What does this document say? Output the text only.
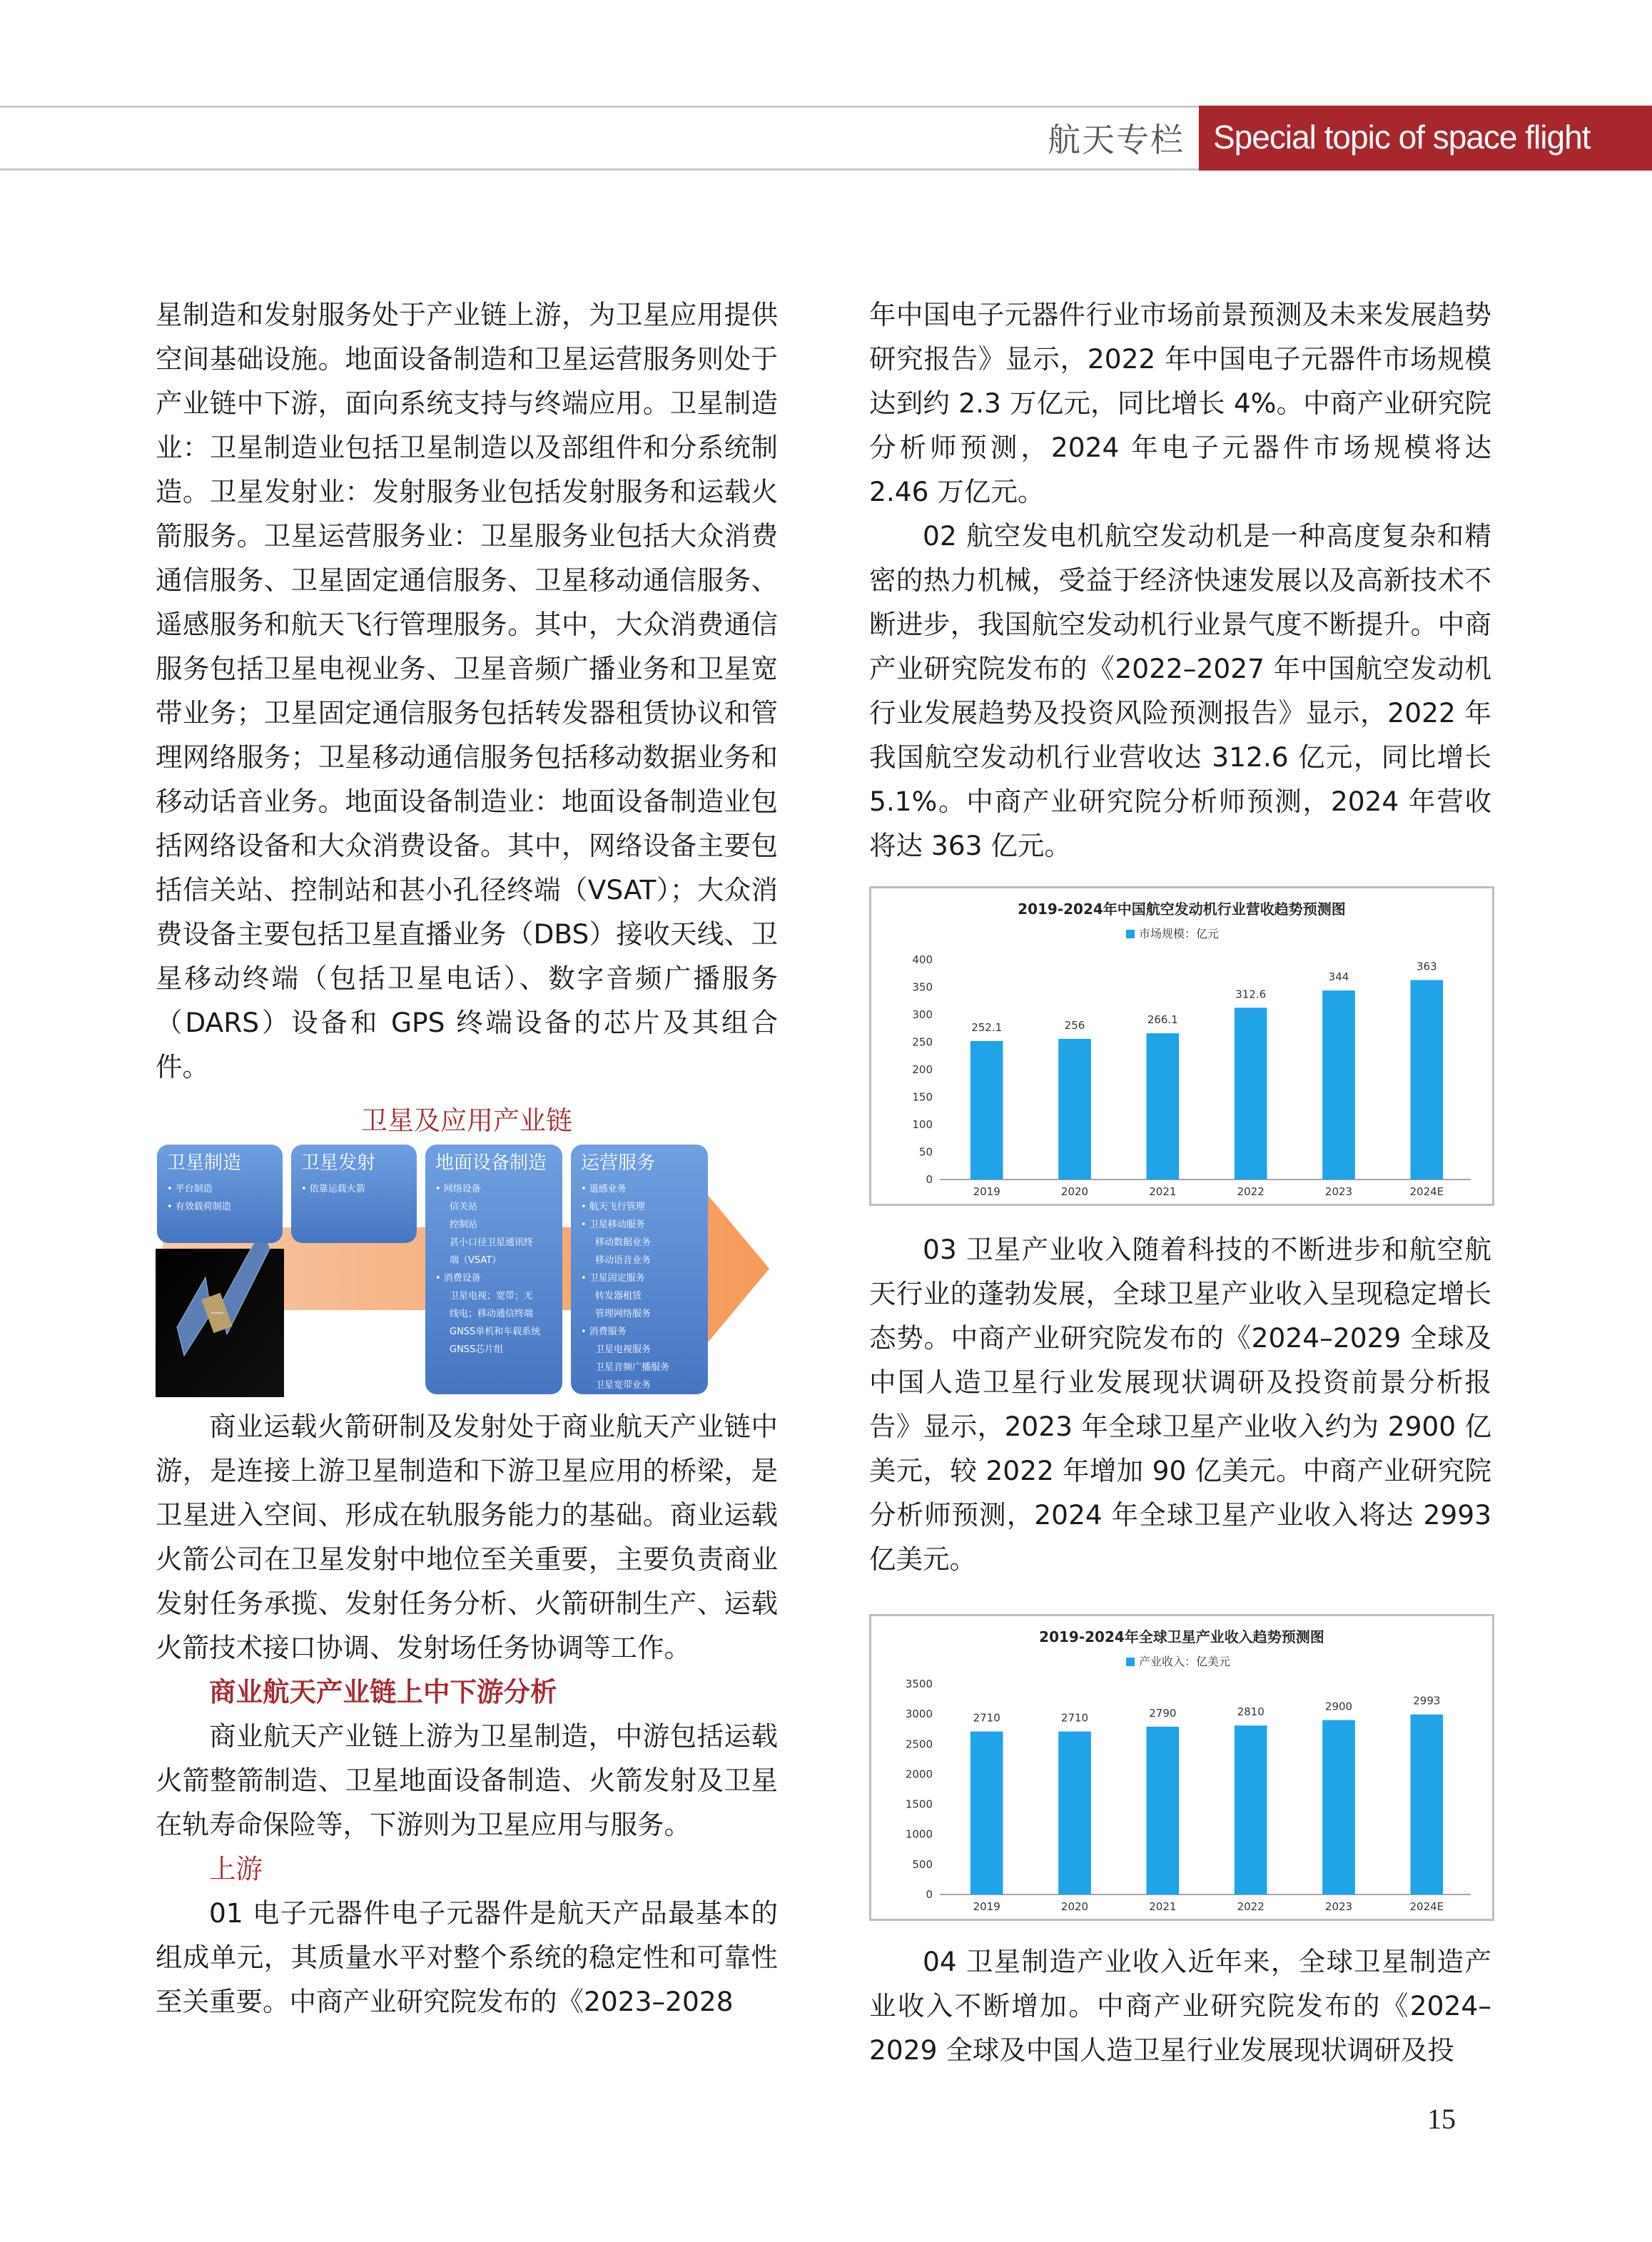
航天专栏 Special topic of space flight

星制造和发射服务处于产业链上游，为卫星应用提供空间基础设施。地面设备制造和卫星运营服务则处于产业链中下游，面向系统支持与终端应用。卫星制造业：卫星制造业包括卫星制造以及部组件和分系统制造。卫星发射业：发射服务业包括发射服务和运载火箭服务。卫星运营服务业：卫星服务业包括大众消费通信服务、卫星固定通信服务、卫星移动通信服务、遥感服务和航天飞行管理服务。其中，大众消费通信服务包括卫星电视业务、卫星音频广播业务和卫星宽带业务；卫星固定通信服务包括转发器租赁协议和管理网络服务；卫星移动通信服务包括移动数据业务和移动话音业务。地面设备制造业：地面设备制造业包括网络设备和大众消费设备。其中，网络设备主要包括信关站、控制站和甚小孔径终端（VSAT）；大众消费设备主要包括卫星直播业务（DBS）接收天线、卫星移动终端（包括卫星电话）、数字音频广播服务（DARS）设备和 GPS 终端设备的芯片及其组合件。

卫星及应用产业链
卫星制造
• 平台制造
• 有效载荷制造
卫星发射
• 依靠运载火箭
地面设备制造
• 网络设备
信关站
控制站
甚小口径卫星通讯终
端（VSAT）
• 消费设备
卫星电视；宽带；无
线电；移动通信终端
GNSS单机和车载系统
GNSS芯片组
运营服务
• 遥感业务
• 航天飞行管理
• 卫星移动服务
移动数据业务
移动语音业务
• 卫星固定服务
转发器租赁
管理网络服务
• 消费服务
卫星电视服务
卫星音频广播服务
卫星宽带业务

商业运载火箭研制及发射处于商业航天产业链中游，是连接上游卫星制造和下游卫星应用的桥梁，是卫星进入空间、形成在轨服务能力的基础。商业运载火箭公司在卫星发射中地位至关重要，主要负责商业发射任务承揽、发射任务分析、火箭研制生产、运载火箭技术接口协调、发射场任务协调等工作。

商业航天产业链上中下游分析

商业航天产业链上游为卫星制造，中游包括运载火箭整箭制造、卫星地面设备制造、火箭发射及卫星在轨寿命保险等，下游则为卫星应用与服务。

上游

01 电子元器件电子元器件是航天产品最基本的组成单元，其质量水平对整个系统的稳定性和可靠性至关重要。中商产业研究院发布的《2023–2028

年中国电子元器件行业市场前景预测及未来发展趋势研究报告》显示，2022 年中国电子元器件市场规模达到约 2.3 万亿元，同比增长 4%。中商产业研究院分析师预测，2024 年电子元器件市场规模将达 2.46 万亿元。

02 航空发电机航空发动机是一种高度复杂和精密的热力机械，受益于经济快速发展以及高新技术不断进步，我国航空发动机行业景气度不断提升。中商产业研究院发布的《2022–2027 年中国航空发动机行业发展趋势及投资风险预测报告》显示，2022 年我国航空发动机行业营收达 312.6 亿元，同比增长 5.1%。中商产业研究院分析师预测，2024 年营收将达 363 亿元。

2019-2024年中国航空发动机行业营收趋势预测图
市场规模：亿元
0
50
100
150
200
250
300
350
400
252.1
2019
256
2020
266.1
2021
312.6
2022
344
2023
363
2024E

03 卫星产业收入随着科技的不断进步和航空航天行业的蓬勃发展，全球卫星产业收入呈现稳定增长态势。中商产业研究院发布的《2024–2029 全球及中国人造卫星行业发展现状调研及投资前景分析报告》显示，2023 年全球卫星产业收入约为 2900 亿美元，较 2022 年增加 90 亿美元。中商产业研究院分析师预测，2024 年全球卫星产业收入将达 2993 亿美元。

2019-2024年全球卫星产业收入趋势预测图
产业收入：亿美元
0
500
1000
1500
2000
2500
3000
3500
2710
2019
2710
2020
2790
2021
2810
2022
2900
2023
2993
2024E

04 卫星制造产业收入近年来，全球卫星制造产业收入不断增加。中商产业研究院发布的《2024–2029 全球及中国人造卫星行业发展现状调研及投

15
